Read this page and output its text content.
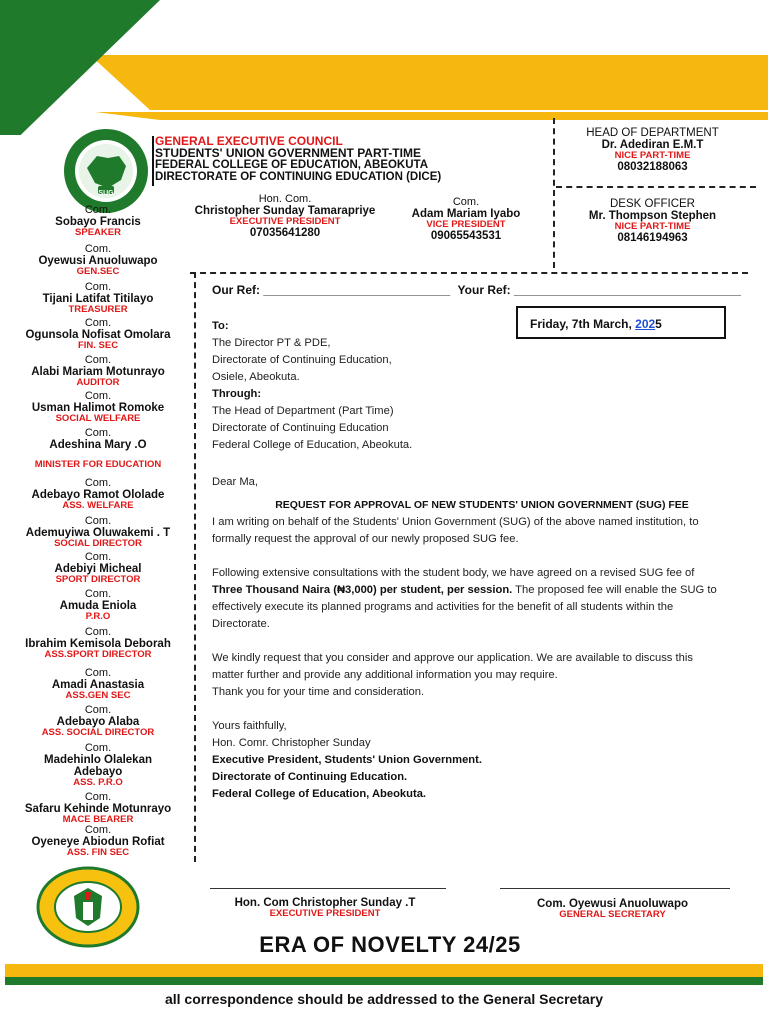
SUG
GENERAL EXECUTIVE COUNCIL
STUDENTS' UNION GOVERNMENT PART-TIME
FEDERAL COLLEGE OF EDUCATION, ABEOKUTA
DIRECTORATE OF CONTINUING EDUCATION (DICE)
HEAD OF DEPARTMENT
Dr. Adediran E.M.T
NICE PART-TIME
08032188063
DESK OFFICER
Mr. Thompson Stephen
NICE PART-TIME
08146194963
Hon. Com.
Christopher Sunday Tamarapriye
EXECUTIVE PRESIDENT
07035641280
Com.
Adam Mariam Iyabo
VICE PRESIDENT
09065543531
Com.
Sobayo Francis
SPEAKER
Com.
Oyewusi Anuoluwapo
GEN.SEC
Com.
Tijani Latifat Titilayo
TREASURER
Com.
Ogunsola Nofisat Omolara
FIN. SEC
Com.
Alabi Mariam Motunrayo
AUDITOR
Com.
Usman Halimot Romoke
SOCIAL WELFARE
Com.
Adeshina Mary .O
MINISTER FOR EDUCATION
Com.
Adebayo Ramot Ololade
ASS. WELFARE
Com.
Ademuyiwa Oluwakemi . T
SOCIAL DIRECTOR
Com.
Adebiyi Micheal
SPORT DIRECTOR
Com.
Amuda Eniola
P.R.O
Com.
Ibrahim Kemisola Deborah
ASS.SPORT DIRECTOR
Com.
Amadi Anastasia
ASS.GEN SEC
Com.
Adebayo Alaba
ASS. SOCIAL DIRECTOR
Com.
Madehinlo Olalekan
Adebayo
ASS. P.R.O
Com.
Safaru Kehinde Motunrayo
MACE BEARER
Com.
Oyeneye Abiodun Rofiat
ASS. FIN SEC
Our Ref: ____________________________ Your Ref: __________________________________
Friday, 7th March, 2025
To:
The Director PT & PDE,
Directorate of Continuing Education,
Osiele, Abeokuta.
Through:
The Head of Department (Part Time)
Directorate of Continuing Education
Federal College of Education, Abeokuta.
Dear Ma,
REQUEST FOR APPROVAL OF NEW STUDENTS' UNION GOVERNMENT (SUG) FEE
I am writing on behalf of the Students' Union Government (SUG) of the above named institution, to
formally request the approval of our newly proposed SUG fee.
Following extensive consultations with the student body, we have agreed on a revised SUG fee of
Three Thousand Naira (₦3,000) per student, per session. The proposed fee will enable the SUG to
effectively execute its planned programs and activities for the benefit of all students within the
Directorate.
We kindly request that you consider and approve our application. We are available to discuss this
matter further and provide any additional information you may require.
Thank you for your time and consideration.
Yours faithfully,
Hon. Comr. Christopher Sunday
Executive President, Students' Union Government.
Directorate of Continuing Education.
Federal College of Education, Abeokuta.
Hon. Com Christopher Sunday .T
EXECUTIVE PRESIDENT
Com. Oyewusi Anuoluwapo
GENERAL SECRETARY
ERA OF NOVELTY 24/25
all correspondence should be addressed to the General Secretary
